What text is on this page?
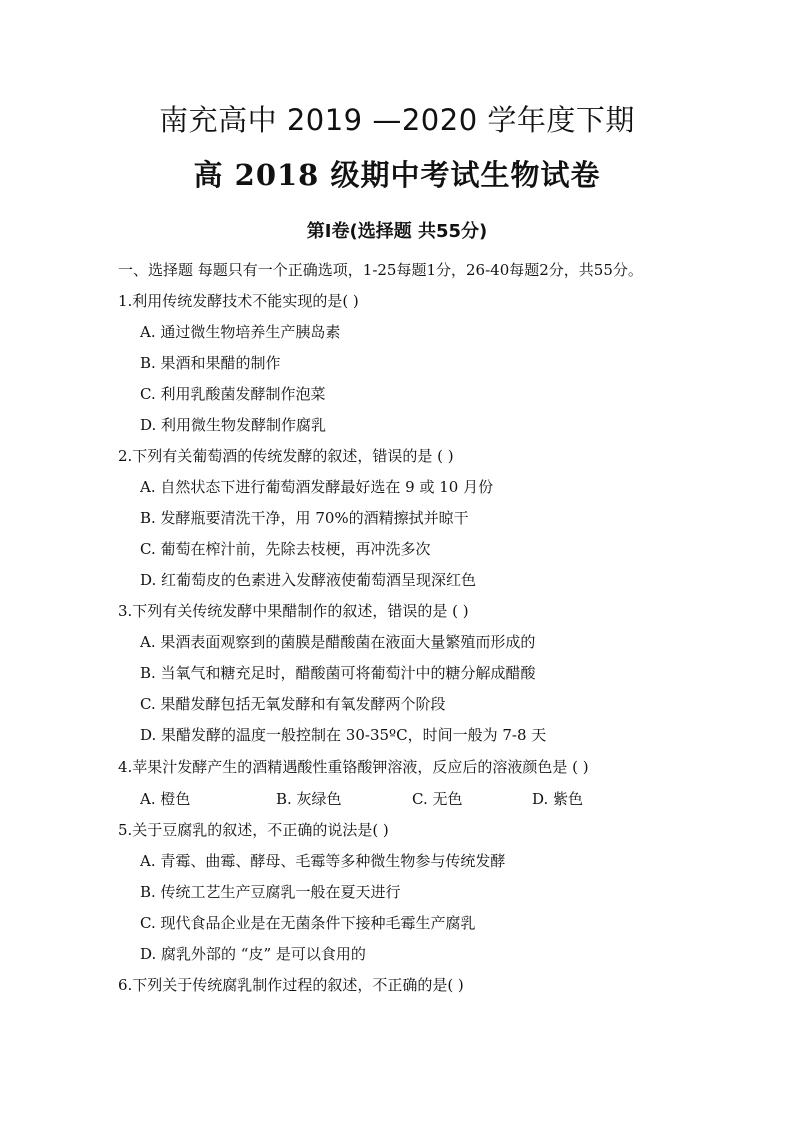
南充高中 2019 —2020 学年度下期
高 2018 级期中考试生物试卷
第Ⅰ卷(选择题 共55分)
一、选择题 每题只有一个正确选项，1-25每题1分，26-40每题2分，共55分。
1.利用传统发酵技术不能实现的是( )
A. 通过微生物培养生产胰岛素
B. 果酒和果醋的制作
C. 利用乳酸菌发酵制作泡菜
D. 利用微生物发酵制作腐乳
2.下列有关葡萄酒的传统发酵的叙述，错误的是 ( )
A. 自然状态下进行葡萄酒发酵最好选在 9 或 10 月份
B. 发酵瓶要清洗干净，用 70%的酒精擦拭并晾干
C. 葡萄在榨汁前，先除去枝梗，再冲洗多次
D. 红葡萄皮的色素进入发酵液使葡萄酒呈现深红色
3.下列有关传统发酵中果醋制作的叙述，错误的是 ( )
A. 果酒表面观察到的菌膜是醋酸菌在液面大量繁殖而形成的
B. 当氧气和糖充足时，醋酸菌可将葡萄汁中的糖分解成醋酸
C. 果醋发酵包括无氧发酵和有氧发酵两个阶段
D. 果醋发酵的温度一般控制在 30-35ºC，时间一般为 7-8 天
4.苹果汁发酵产生的酒精遇酸性重铬酸钾溶液，反应后的溶液颜色是 ( )
A. 橙色	B. 灰绿色	C. 无色	D. 紫色
5.关于豆腐乳的叙述，不正确的说法是( )
A. 青霉、曲霉、酵母、毛霉等多种微生物参与传统发酵
B. 传统工艺生产豆腐乳一般在夏天进行
C. 现代食品企业是在无菌条件下接种毛霉生产腐乳
D. 腐乳外部的 “皮” 是可以食用的
6.下列关于传统腐乳制作过程的叙述，不正确的是( )
